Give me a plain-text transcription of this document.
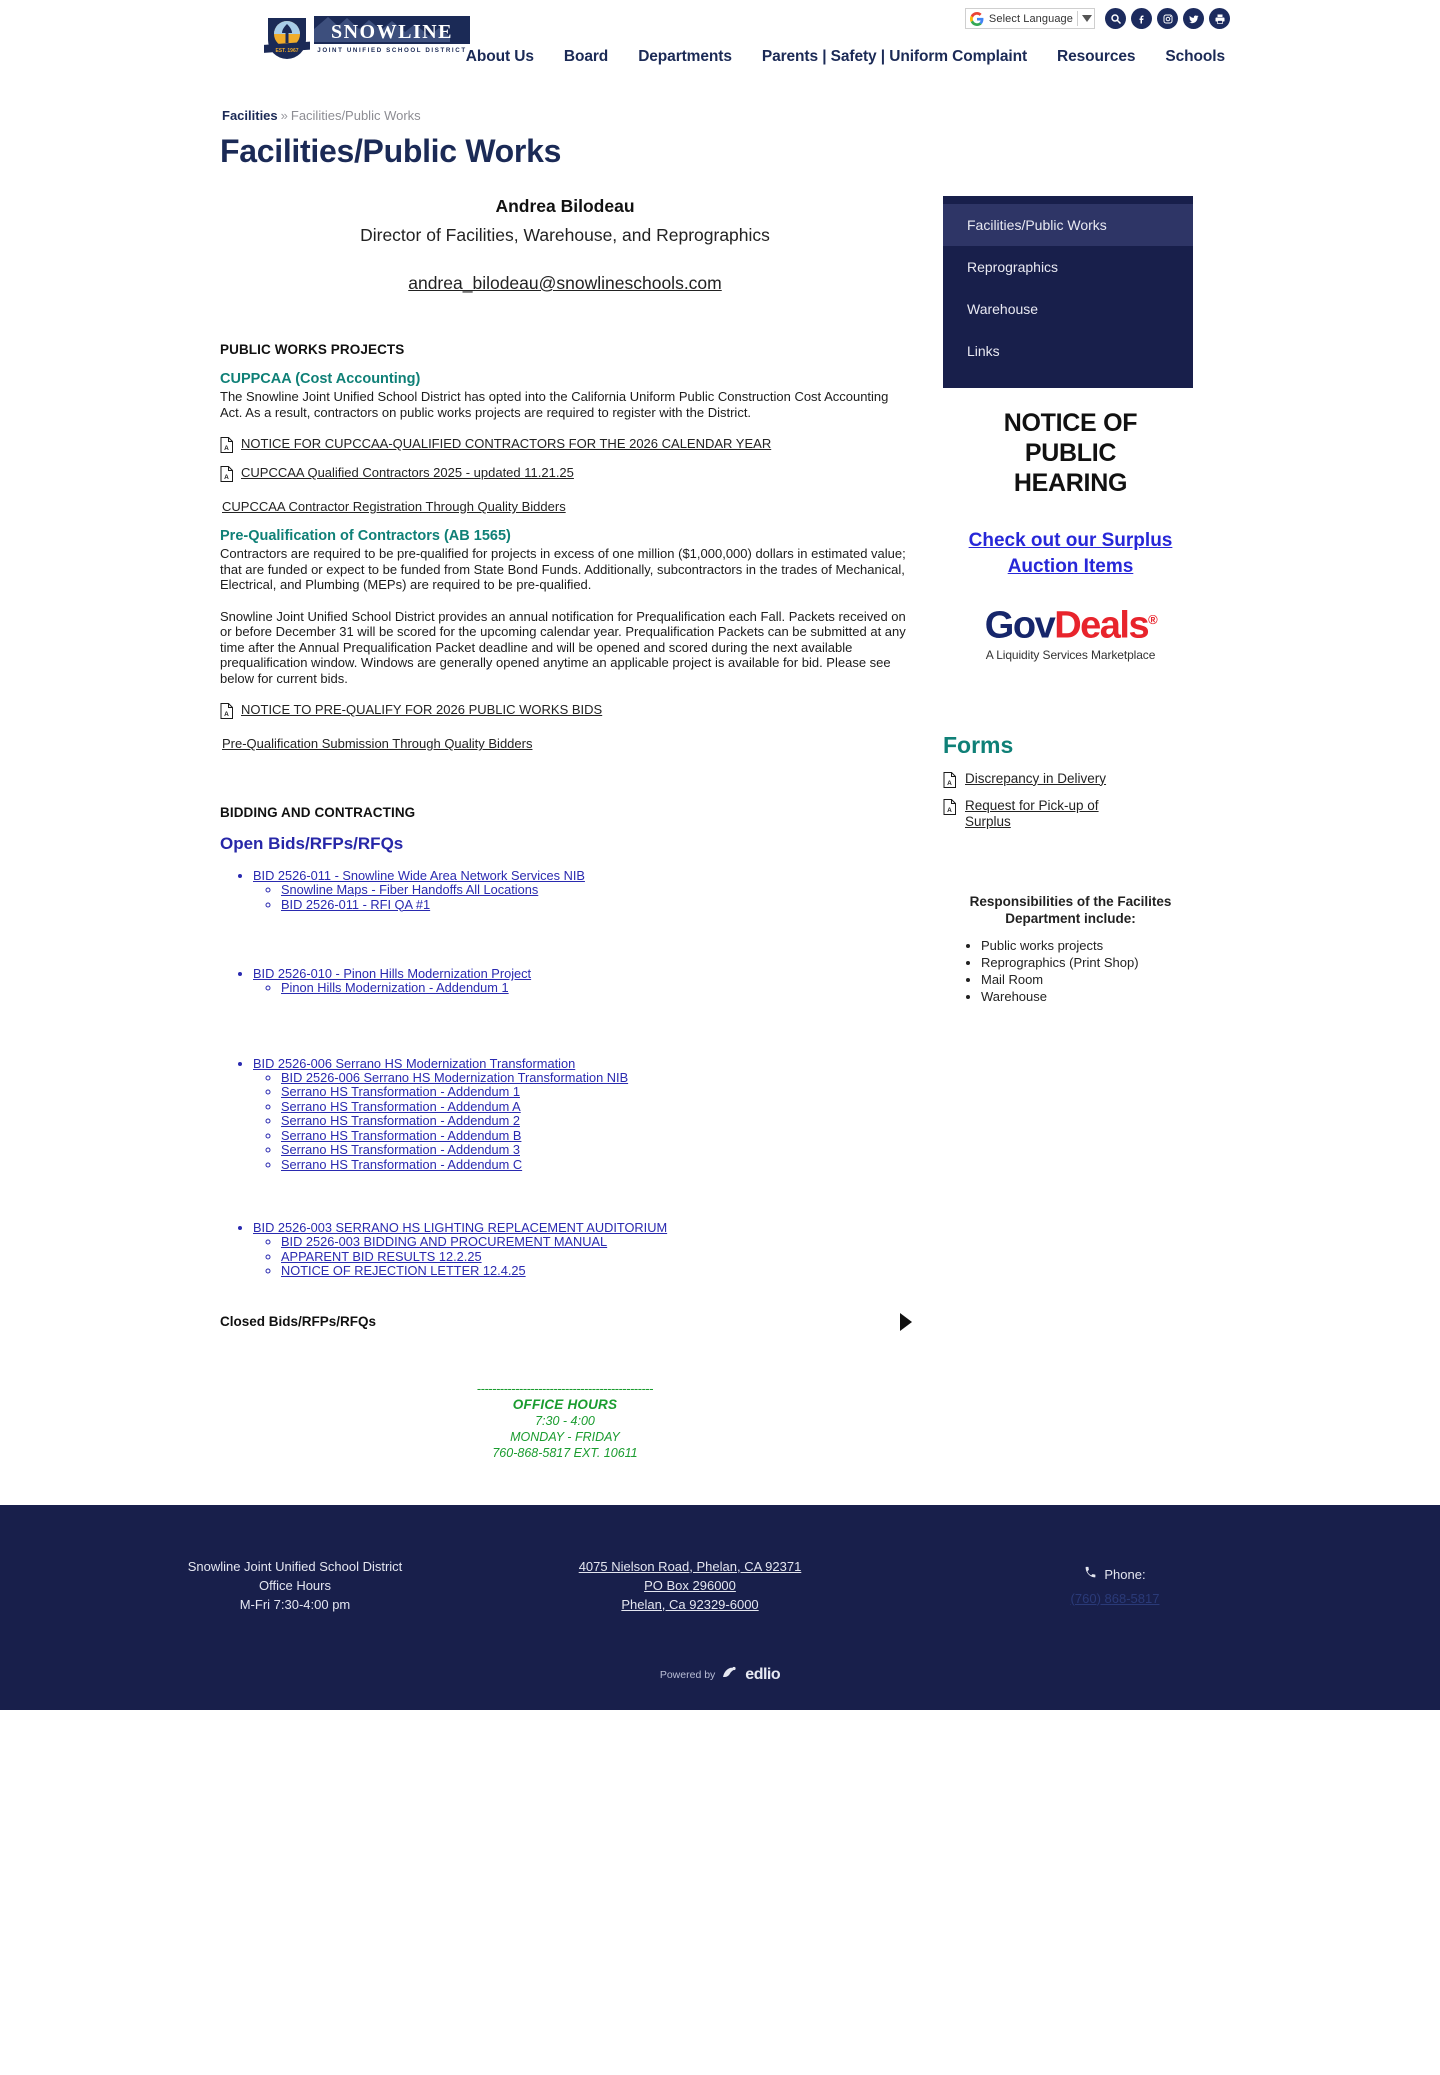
EST. 1967
SNOWLINE
JOINT UNIFIED SCHOOL DISTRICT
Select Language
About Us Board Departments Parents | Safety | Uniform Complaint Resources Schools
Facilities » Facilities/Public Works
Facilities/Public Works
Andrea Bilodeau
Director of Facilities, Warehouse, and Reprographics
andrea_bilodeau@snowlineschools.com
PUBLIC WORKS PROJECTS
CUPPCAA (Cost Accounting)

The Snowline Joint Unified School District has opted into the California Uniform Public Construction Cost Accounting Act. As a result, contractors on public works projects are required to register with the District.

A NOTICE FOR CUPCCAA-QUALIFIED CONTRACTORS FOR THE 2026 CALENDAR YEAR
A CUPCCAA Qualified Contractors 2025 - updated 11.21.25
CUPCCAA Contractor Registration Through Quality Bidders
Pre-Qualification of Contractors (AB 1565)

Contractors are required to be pre-qualified for projects in excess of one million ($1,000,000) dollars in estimated value; that are funded or expect to be funded from State Bond Funds. Additionally, subcontractors in the trades of Mechanical, Electrical, and Plumbing (MEPs) are required to be pre-qualified.

Snowline Joint Unified School District provides an annual notification for Prequalification each Fall. Packets received on or before December 31 will be scored for the upcoming calendar year. Prequalification Packets can be submitted at any time after the Annual Prequalification Packet deadline and will be opened and scored during the next available prequalification window. Windows are generally opened anytime an applicable project is available for bid. Please see below for current bids.

A NOTICE TO PRE-QUALIFY FOR 2026 PUBLIC WORKS BIDS
Pre-Qualification Submission Through Quality Bidders
BIDDING AND CONTRACTING
Open Bids/RFPs/RFQs
• BID 2526-011 - Snowline Wide Area Network Services NIB
◦ Snowline Maps - Fiber Handoffs All Locations
◦ BID 2526-011 - RFI QA #1
• BID 2526-010 - Pinon Hills Modernization Project
◦ Pinon Hills Modernization - Addendum 1
• BID 2526-006 Serrano HS Modernization Transformation
◦ BID 2526-006 Serrano HS Modernization Transformation NIB
◦ Serrano HS Transformation - Addendum 1
◦ Serrano HS Transformation - Addendum A
◦ Serrano HS Transformation - Addendum 2
◦ Serrano HS Transformation - Addendum B
◦ Serrano HS Transformation - Addendum 3
◦ Serrano HS Transformation - Addendum C
• BID 2526-003 SERRANO HS LIGHTING REPLACEMENT AUDITORIUM
◦ BID 2526-003 BIDDING AND PROCUREMENT MANUAL
◦ APPARENT BID RESULTS 12.2.25
◦ NOTICE OF REJECTION LETTER 12.4.25
Closed Bids/RFPs/RFQs
----------------------------------------------
OFFICE HOURS
7:30 - 4:00
MONDAY - FRIDAY
760-868-5817 EXT. 10611
Facilities/Public Works
Reprographics
Warehouse
Links
NOTICE OF
PUBLIC
HEARING
Check out our Surplus Auction Items
GovDeals®
A Liquidity Services Marketplace
Forms
A Discrepancy in Delivery
A Request for Pick-up of Surplus
Responsibilities of the Facilites Department include:
• Public works projects
• Reprographics (Print Shop)
• Mail Room
• Warehouse
Snowline Joint Unified School District
Office Hours
M-Fri 7:30-4:00 pm
4075 Nielson Road, Phelan, CA 92371
PO Box 296000
Phelan, Ca 92329-6000
Phone:
(760) 868-5817
Powered by edlio
